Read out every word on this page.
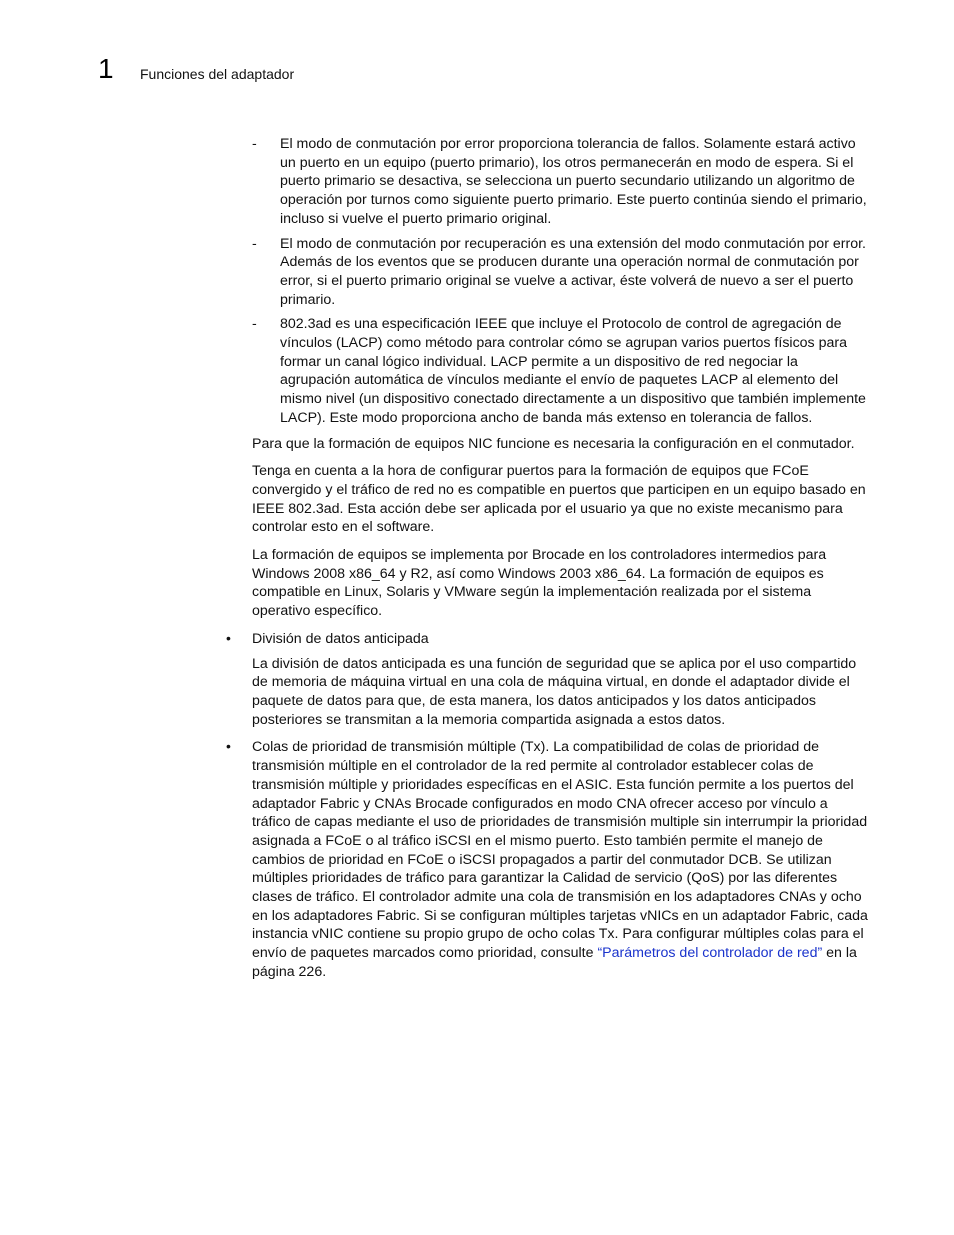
1 Funciones del adaptador
- El modo de conmutación por error proporciona tolerancia de fallos. Solamente estará activo un puerto en un equipo (puerto primario), los otros permanecerán en modo de espera. Si el puerto primario se desactiva, se selecciona un puerto secundario utilizando un algoritmo de operación por turnos como siguiente puerto primario. Este puerto continúa siendo el primario, incluso si vuelve el puerto primario original.
- El modo de conmutación por recuperación es una extensión del modo conmutación por error. Además de los eventos que se producen durante una operación normal de conmutación por error, si el puerto primario original se vuelve a activar, éste volverá de nuevo a ser el puerto primario.
- 802.3ad es una especificación IEEE que incluye el Protocolo de control de agregación de vínculos (LACP) como método para controlar cómo se agrupan varios puertos físicos para formar un canal lógico individual. LACP permite a un dispositivo de red negociar la agrupación automática de vínculos mediante el envío de paquetes LACP al elemento del mismo nivel (un dispositivo conectado directamente a un dispositivo que también implemente LACP). Este modo proporciona ancho de banda más extenso en tolerancia de fallos.

Para que la formación de equipos NIC funcione es necesaria la configuración en el conmutador.

Tenga en cuenta a la hora de configurar puertos para la formación de equipos que FCoE convergido y el tráfico de red no es compatible en puertos que participen en un equipo basado en IEEE 802.3ad. Esta acción debe ser aplicada por el usuario ya que no existe mecanismo para controlar esto en el software.

La formación de equipos se implementa por Brocade en los controladores intermedios para Windows 2008 x86_64 y R2, así como Windows 2003 x86_64. La formación de equipos es compatible en Linux, Solaris y VMware según la implementación realizada por el sistema operativo específico.

• División de datos anticipada

La división de datos anticipada es una función de seguridad que se aplica por el uso compartido de memoria de máquina virtual en una cola de máquina virtual, en donde el adaptador divide el paquete de datos para que, de esta manera, los datos anticipados y los datos anticipados posteriores se transmitan a la memoria compartida asignada a estos datos.

• Colas de prioridad de transmisión múltiple (Tx). La compatibilidad de colas de prioridad de transmisión múltiple en el controlador de la red permite al controlador establecer colas de transmisión múltiple y prioridades específicas en el ASIC. Esta función permite a los puertos del adaptador Fabric y CNAs Brocade configurados en modo CNA ofrecer acceso por vínculo a tráfico de capas mediante el uso de prioridades de transmisión multiple sin interrumpir la prioridad asignada a FCoE o al tráfico iSCSI en el mismo puerto. Esto también permite el manejo de cambios de prioridad en FCoE o iSCSI propagados a partir del conmutador DCB. Se utilizan múltiples prioridades de tráfico para garantizar la Calidad de servicio (QoS) por las diferentes clases de tráfico. El controlador admite una cola de transmisión en los adaptadores CNAs y ocho en los adaptadores Fabric. Si se configuran múltiples tarjetas vNICs en un adaptador Fabric, cada instancia vNIC contiene su propio grupo de ocho colas Tx. Para configurar múltiples colas para el envío de paquetes marcados como prioridad, consulte “Parámetros del controlador de red” en la página 226.
